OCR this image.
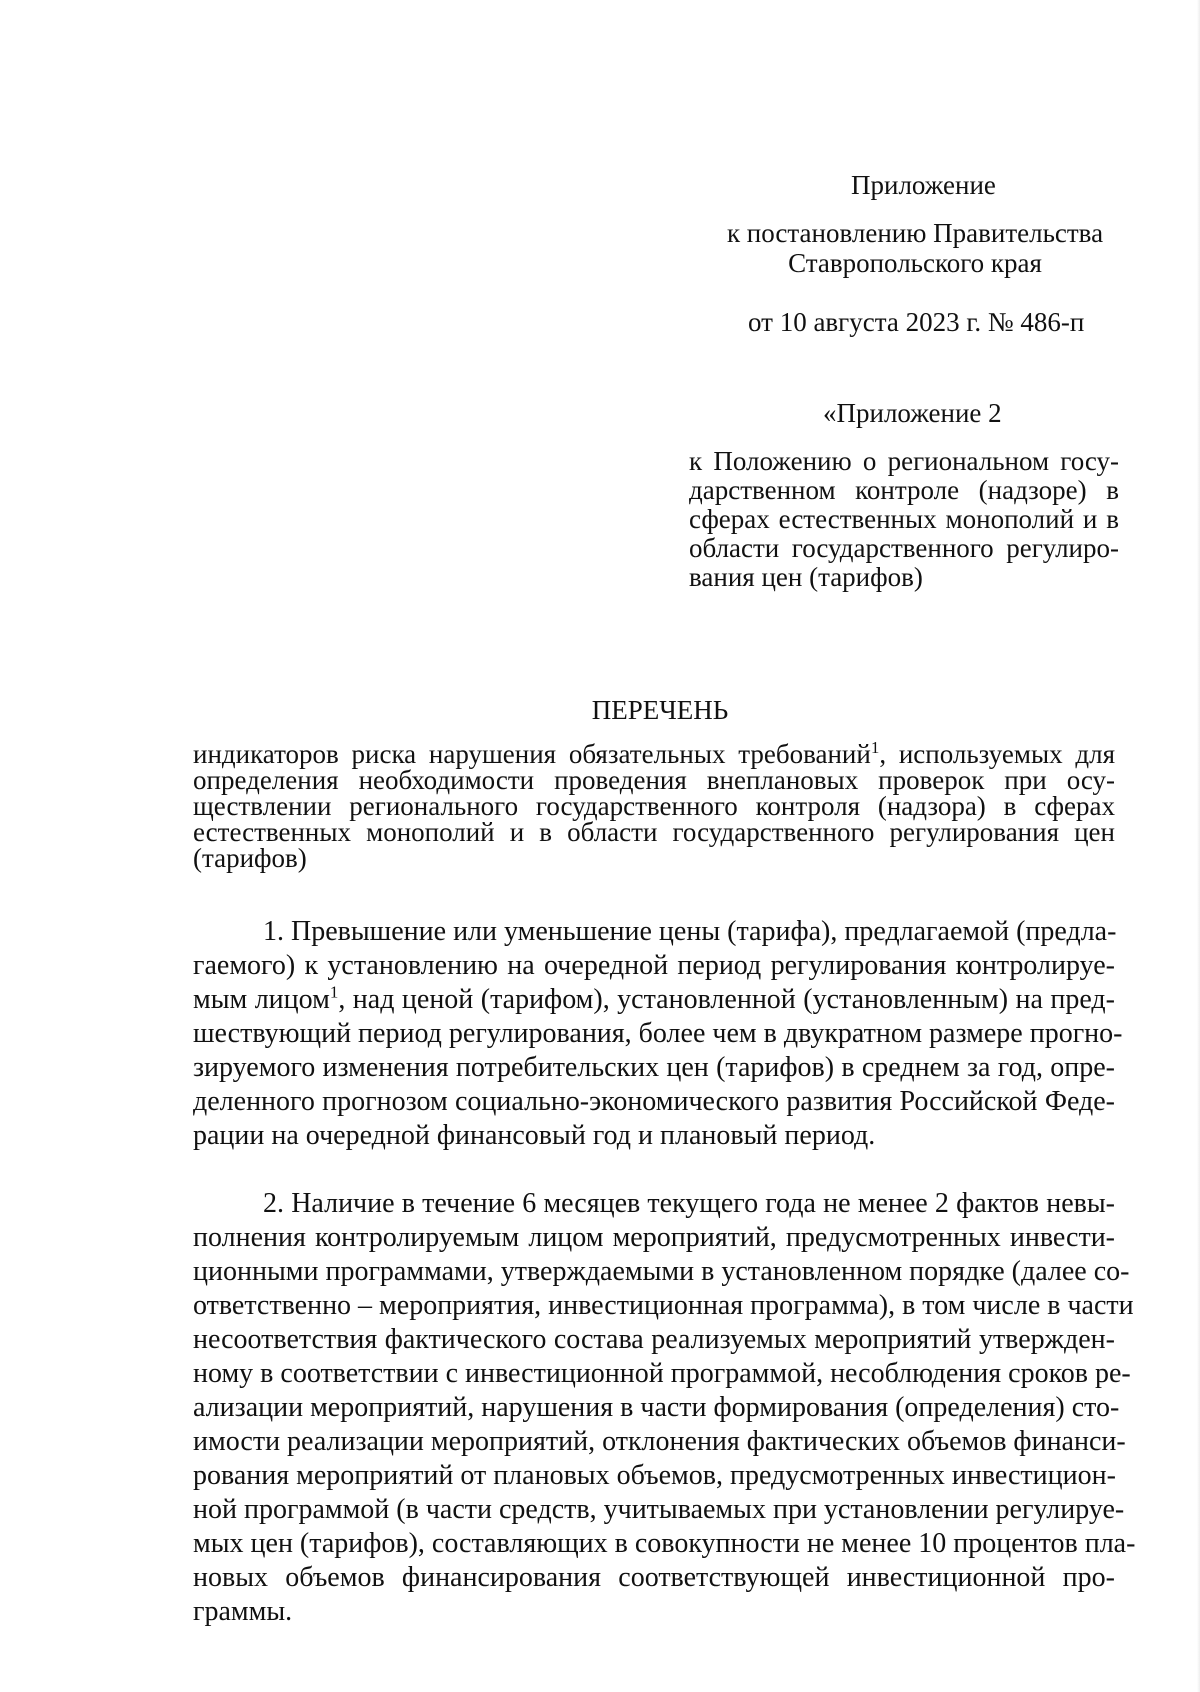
Приложение
к постановлению Правительства
Ставропольского края
от 10 августа 2023 г. № 486-п
«Приложение 2
к Положению о региональном госу-
дарственном контроле (надзоре) в
сферах естественных монополий и в
области государственного регулиро-
вания цен (тарифов)
ПЕРЕЧЕНЬ
индикаторов риска нарушения обязательных требований$^1$, используемых для
определения необходимости проведения внеплановых проверок при осу-
ществлении регионального государственного контроля (надзора) в сферах
естественных монополий и в области государственного регулирования цен
(тарифов)
1. Превышение или уменьшение цены (тарифа), предлагаемой (предла-
гаемого) к установлению на очередной период регулирования контролируе-
мым лицом$^1$, над ценой (тарифом), установленной (установленным) на пред-
шествующий период регулирования, более чем в двукратном размере прогно-
зируемого изменения потребительских цен (тарифов) в среднем за год, опре-
деленного прогнозом социально-экономического развития Российской Феде-
рации на очередной финансовый год и плановый период.
2. Наличие в течение 6 месяцев текущего года не менее 2 фактов невы-
полнения контролируемым лицом мероприятий, предусмотренных инвести-
ционными программами, утверждаемыми в установленном порядке (далее со-
ответственно – мероприятия, инвестиционная программа), в том числе в части
несоответствия фактического состава реализуемых мероприятий утвержден-
ному в соответствии с инвестиционной программой, несоблюдения сроков ре-
ализации мероприятий, нарушения в части формирования (определения) сто-
имости реализации мероприятий, отклонения фактических объемов финанси-
рования мероприятий от плановых объемов, предусмотренных инвестицион-
ной программой (в части средств, учитываемых при установлении регулируе-
мых цен (тарифов), составляющих в совокупности не менее 10 процентов пла-
новых объемов финансирования соответствующей инвестиционной про-
граммы.
